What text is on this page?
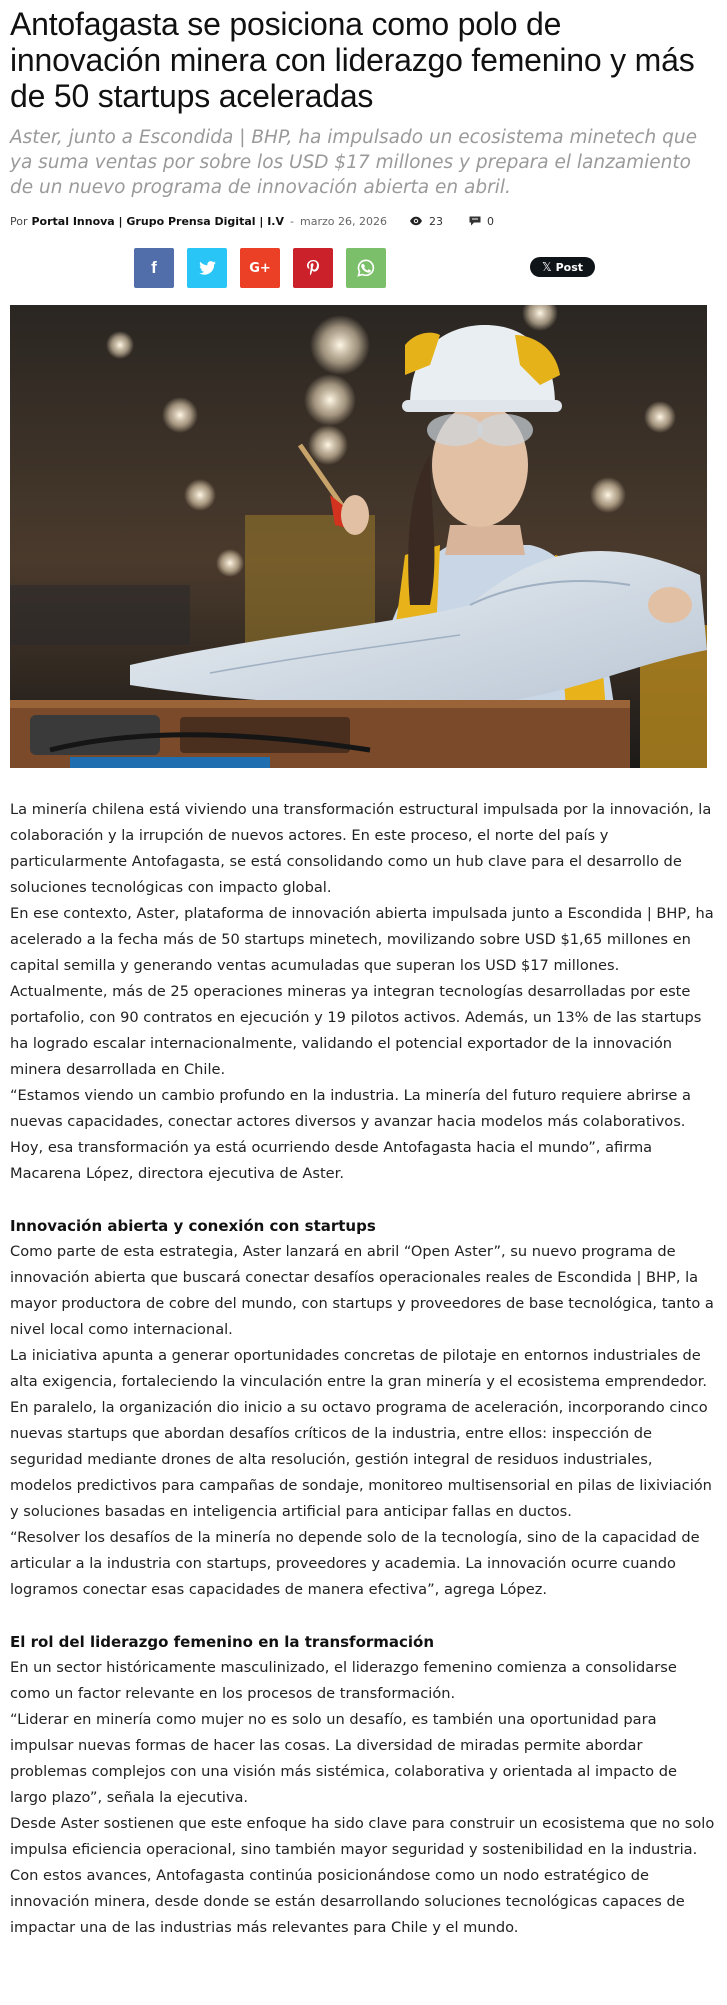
Antofagasta se posiciona como polo de innovación minera con liderazgo femenino y más de 50 startups aceleradas

Aster, junto a Escondida | BHP, ha impulsado un ecosistema minetech que ya suma ventas por sobre los USD $17 millones y prepara el lanzamiento de un nuevo programa de innovación abierta en abril.

Por Portal Innova | Grupo Prensa Digital | I.V - marzo 26, 2026	23	0
f	G+	𝕏 Post

La minería chilena está viviendo una transformación estructural impulsada por la innovación, la colaboración y la irrupción de nuevos actores. En este proceso, el norte del país y particularmente Antofagasta, se está consolidando como un hub clave para el desarrollo de soluciones tecnológicas con impacto global.

En ese contexto, Aster, plataforma de innovación abierta impulsada junto a Escondida | BHP, ha acelerado a la fecha más de 50 startups minetech, movilizando sobre USD $1,65 millones en capital semilla y generando ventas acumuladas que superan los USD $17 millones.

Actualmente, más de 25 operaciones mineras ya integran tecnologías desarrolladas por este portafolio, con 90 contratos en ejecución y 19 pilotos activos. Además, un 13% de las startups ha logrado escalar internacionalmente, validando el potencial exportador de la innovación minera desarrollada en Chile.

“Estamos viendo un cambio profundo en la industria. La minería del futuro requiere abrirse a nuevas capacidades, conectar actores diversos y avanzar hacia modelos más colaborativos. Hoy, esa transformación ya está ocurriendo desde Antofagasta hacia el mundo”, afirma Macarena López, directora ejecutiva de Aster.

Innovación abierta y conexión con startups

Como parte de esta estrategia, Aster lanzará en abril “Open Aster”, su nuevo programa de innovación abierta que buscará conectar desafíos operacionales reales de Escondida | BHP, la mayor productora de cobre del mundo, con startups y proveedores de base tecnológica, tanto a nivel local como internacional.

La iniciativa apunta a generar oportunidades concretas de pilotaje en entornos industriales de alta exigencia, fortaleciendo la vinculación entre la gran minería y el ecosistema emprendedor.

En paralelo, la organización dio inicio a su octavo programa de aceleración, incorporando cinco nuevas startups que abordan desafíos críticos de la industria, entre ellos: inspección de seguridad mediante drones de alta resolución, gestión integral de residuos industriales, modelos predictivos para campañas de sondaje, monitoreo multisensorial en pilas de lixiviación y soluciones basadas en inteligencia artificial para anticipar fallas en ductos.

“Resolver los desafíos de la minería no depende solo de la tecnología, sino de la capacidad de articular a la industria con startups, proveedores y academia. La innovación ocurre cuando logramos conectar esas capacidades de manera efectiva”, agrega López.

El rol del liderazgo femenino en la transformación

En un sector históricamente masculinizado, el liderazgo femenino comienza a consolidarse como un factor relevante en los procesos de transformación.

“Liderar en minería como mujer no es solo un desafío, es también una oportunidad para impulsar nuevas formas de hacer las cosas. La diversidad de miradas permite abordar problemas complejos con una visión más sistémica, colaborativa y orientada al impacto de largo plazo”, señala la ejecutiva.

Desde Aster sostienen que este enfoque ha sido clave para construir un ecosistema que no solo impulsa eficiencia operacional, sino también mayor seguridad y sostenibilidad en la industria.

Con estos avances, Antofagasta continúa posicionándose como un nodo estratégico de innovación minera, desde donde se están desarrollando soluciones tecnológicas capaces de impactar una de las industrias más relevantes para Chile y el mundo.
